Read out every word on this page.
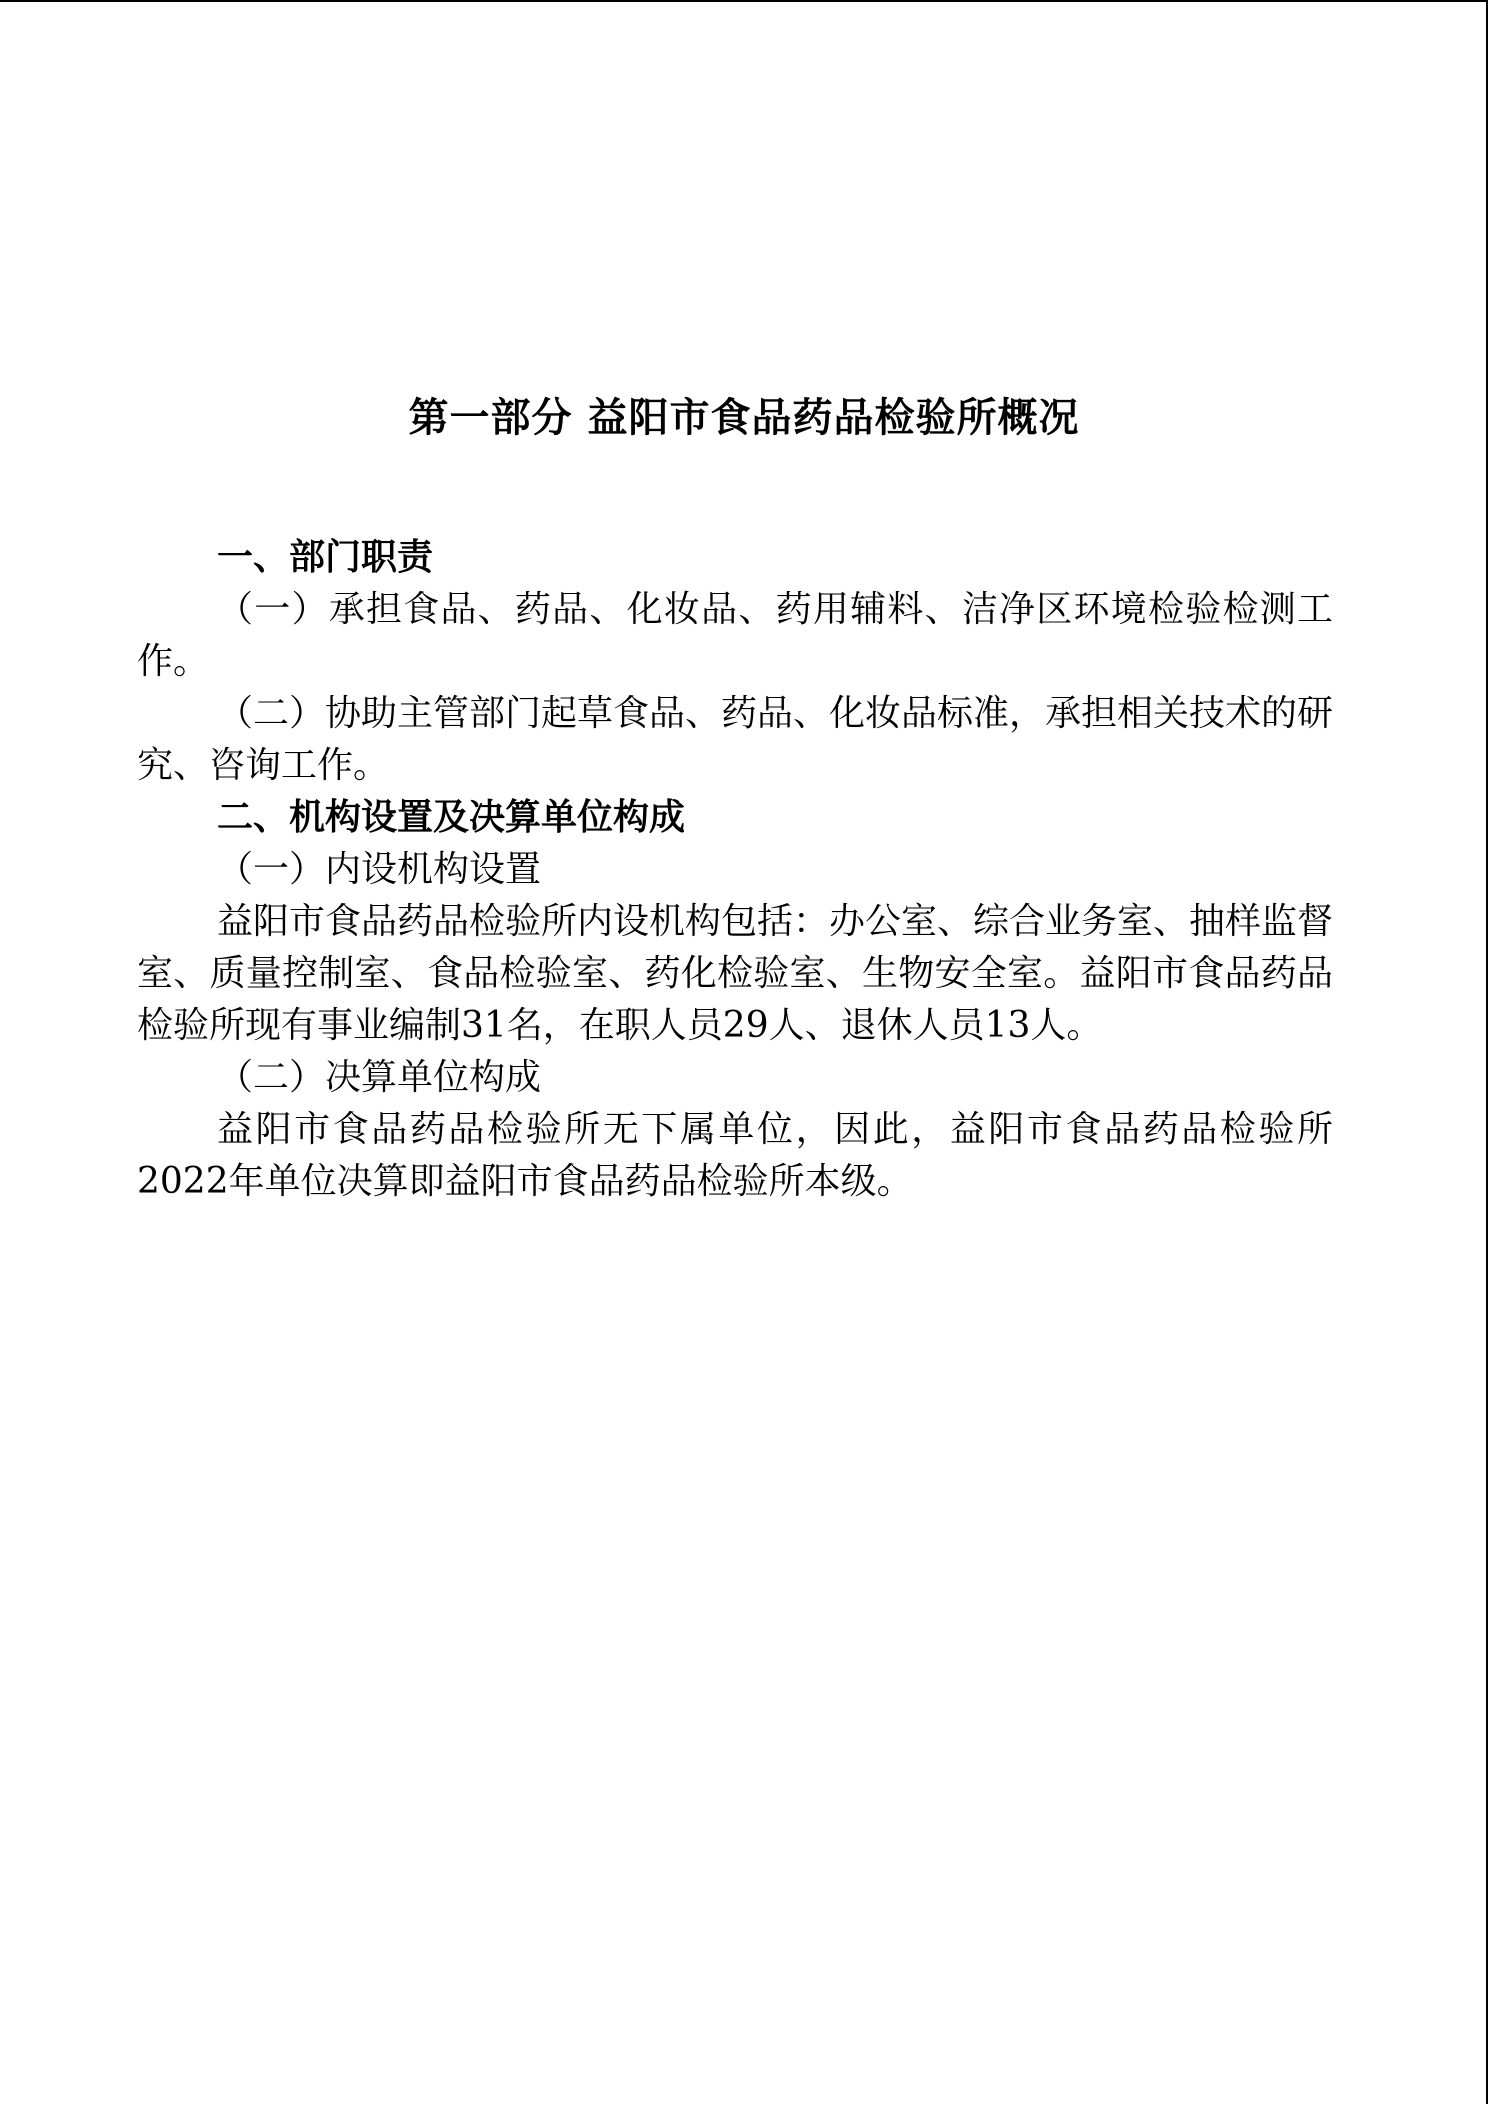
第一部分 益阳市食品药品检验所概况

一、部门职责

（一）承担食品、药品、化妆品、药用辅料、洁净区环境检验检测工作。

（二）协助主管部门起草食品、药品、化妆品标准，承担相关技术的研究、咨询工作。

二、机构设置及决算单位构成

（一）内设机构设置

益阳市食品药品检验所内设机构包括：办公室、综合业务室、抽样监督室、质量控制室、食品检验室、药化检验室、生物安全室。益阳市食品药品检验所现有事业编制31名，在职人员29人、退休人员13人。

（二）决算单位构成

益阳市食品药品检验所无下属单位，因此，益阳市食品药品检验所2022年单位决算即益阳市食品药品检验所本级。
